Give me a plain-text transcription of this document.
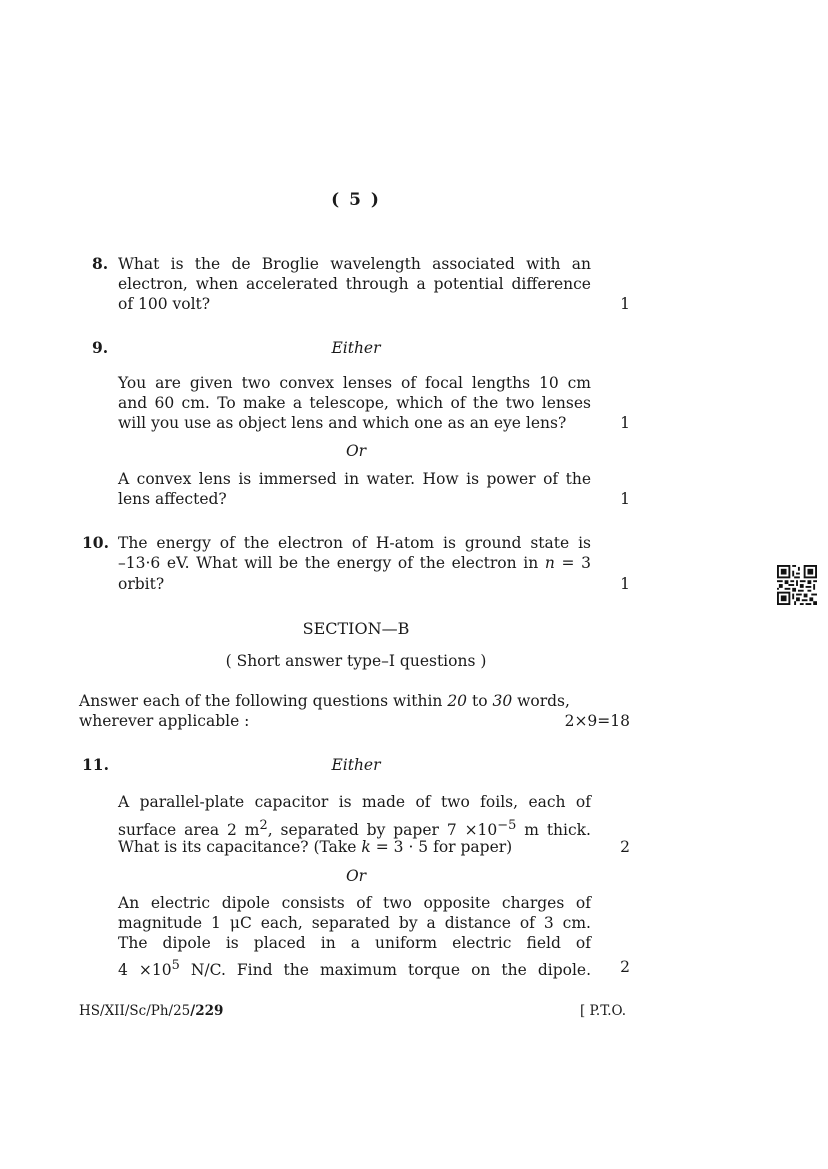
( 5 )
8. What is the de Broglie wavelength associated with an
electron, when accelerated through a potential difference
of 100 volt?	1
9.	Either
You are given two convex lenses of focal lengths 10 cm
and 60 cm. To make a telescope, which of the two lenses
will you use as object lens and which one as an eye lens?	1
Or
A convex lens is immersed in water. How is power of the
lens affected?	1
10. The energy of the electron of H-atom is ground state is
–13·6 eV. What will be the energy of the electron in n = 3
orbit?	1
SECTION—B
( Short answer type–I questions )
Answer each of the following questions within 20 to 30 words,
wherever applicable :	2×9=18
11.	Either
A parallel-plate capacitor is made of two foils, each of
surface area 2 $m^2$, separated by paper $7 \times 10^{-5}$ m thick.
What is its capacitance? (Take k = 3 · 5 for paper)	2
Or
An electric dipole consists of two opposite charges of
magnitude 1 μC each, separated by a distance of 3 cm.
The dipole is placed in a uniform electric field of
$4 \times 10^5$ N/C. Find the maximum torque on the dipole. 2
HS/XII/Sc/Ph/25/229	[ P.T.O.
